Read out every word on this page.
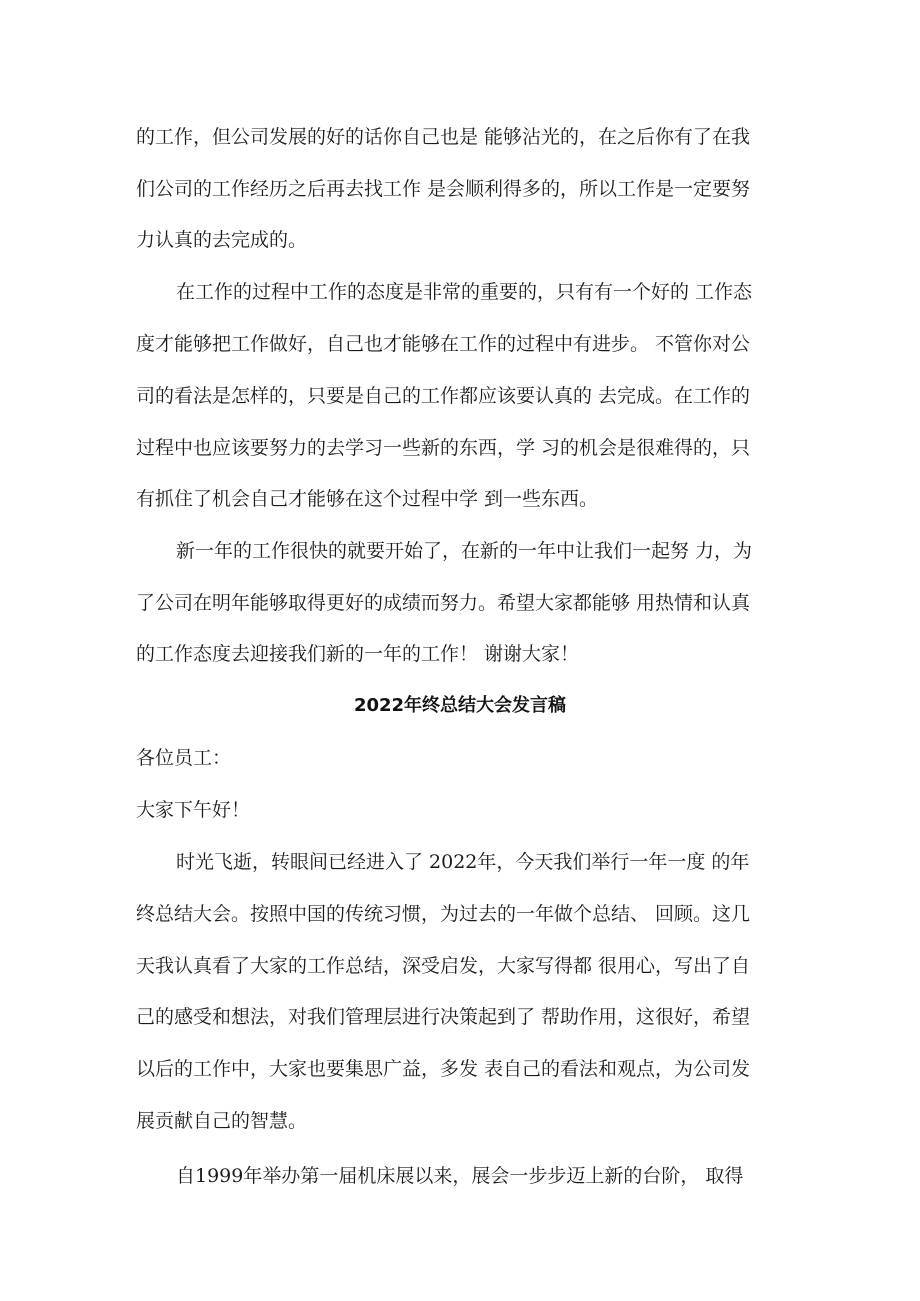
的工作，但公司发展的好的话你自己也是 能够沾光的，在之后你有了在我
们公司的工作经历之后再去找工作 是会顺利得多的，所以工作是一定要努
力认真的去完成的。
在工作的过程中工作的态度是非常的重要的，只有有一个好的 工作态
度才能够把工作做好，自己也才能够在工作的过程中有进步。 不管你对公
司的看法是怎样的，只要是自己的工作都应该要认真的 去完成。在工作的
过程中也应该要努力的去学习一些新的东西，学 习的机会是很难得的，只
有抓住了机会自己才能够在这个过程中学 到一些东西。
新一年的工作很快的就要开始了，在新的一年中让我们一起努 力，为
了公司在明年能够取得更好的成绩而努力。希望大家都能够 用热情和认真
的工作态度去迎接我们新的一年的工作！ 谢谢大家！
2022年终总结大会发言稿
各位员工：
大家下午好！
时光飞逝，转眼间已经进入了 2022年，今天我们举行一年一度 的年
终总结大会。按照中国的传统习惯，为过去的一年做个总结、 回顾。这几
天我认真看了大家的工作总结，深受启发，大家写得都 很用心，写出了自
己的感受和想法，对我们管理层进行决策起到了 帮助作用，这很好，希望
以后的工作中，大家也要集思广益，多发 表自己的看法和观点，为公司发
展贡献自己的智慧。
自1999年举办第一届机床展以来，展会一步步迈上新的台阶， 取得
